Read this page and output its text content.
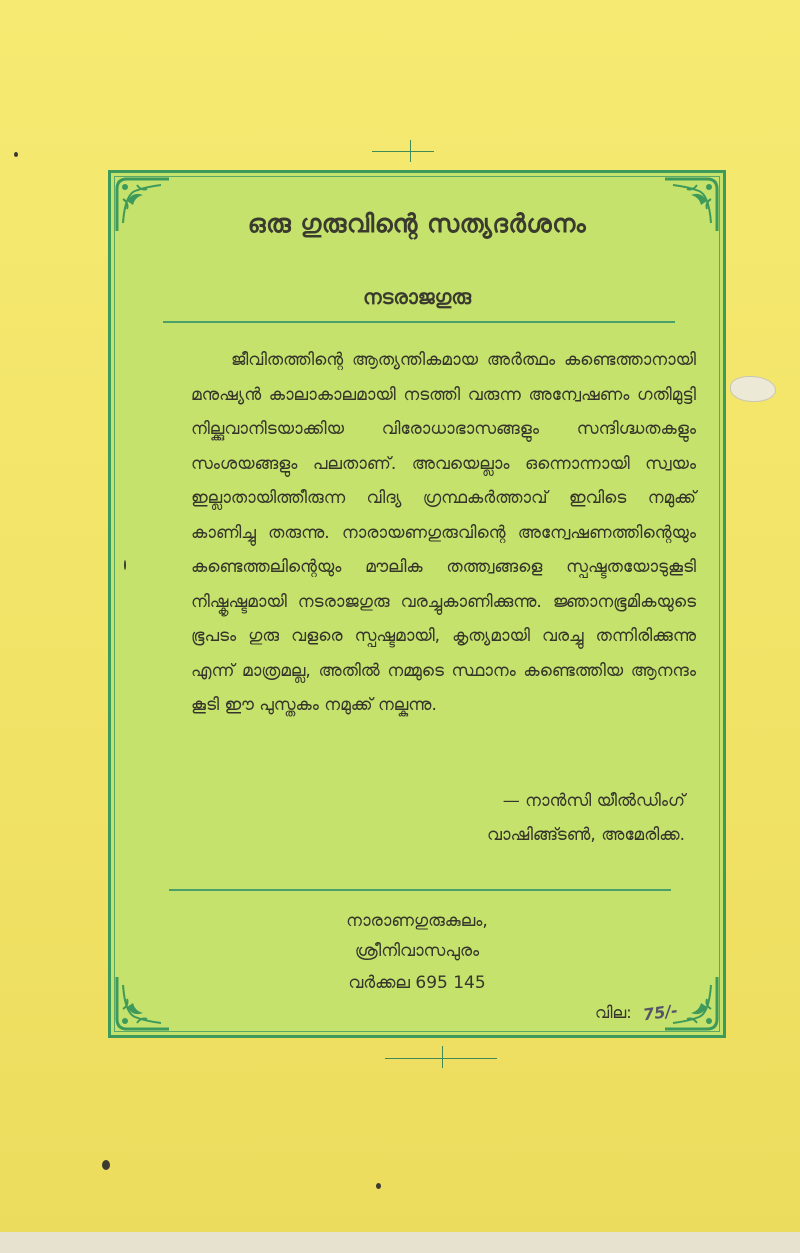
ഒരു ഗുരുവിന്റെ സത്യദർശനം
നടരാജഗുരു

ജീവിതത്തിന്റെ ആത്യന്തികമായ അർത്ഥം കണ്ടെത്താനായി മനുഷ്യൻ കാലാകാലമായി നടത്തി വരുന്ന അന്വേഷണം ഗതിമുട്ടി നില്ക്കുവാനിടയാക്കിയ വിരോധാഭാസങ്ങളും സന്ദിഗ്ദ്ധതകളും സംശയങ്ങളും പലതാണ്. അവയെല്ലാം ഒന്നൊന്നായി സ്വയം ഇല്ലാതായിത്തീരുന്ന വിദ്യ ഗ്രന്ഥകർത്താവ് ഇവിടെ നമുക്ക് കാണിച്ചു തരുന്നു. നാരായണഗുരുവിന്റെ അന്വേഷണത്തിന്റെയും കണ്ടെത്തലിന്റെയും മൗലിക തത്ത്വങ്ങളെ സ്പഷ്ടതയോടുകൂടി നിഷ്കൃഷ്ടമായി നടരാജഗുരു വരച്ചുകാണിക്കുന്നു. ജ്ഞാനഭൂമികയുടെ ഭൂപടം ഗുരു വളരെ സ്പഷ്ടമായി, കൃത്യമായി വരച്ചു തന്നിരിക്കുന്നു എന്ന് മാത്രമല്ല, അതിൽ നമ്മുടെ സ്ഥാനം കണ്ടെത്തിയ ആനന്ദം കൂടി ഈ പുസ്തകം നമുക്ക് നല്കുന്നു.

— നാൻസി യീൽഡിംഗ്
വാഷിങ്ങ്ടൺ, അമേരിക്ക.
നാരാണഗുരുകുലം,
ശ്രീനിവാസപുരം
വർക്കല 695 145
വില: 75/-
